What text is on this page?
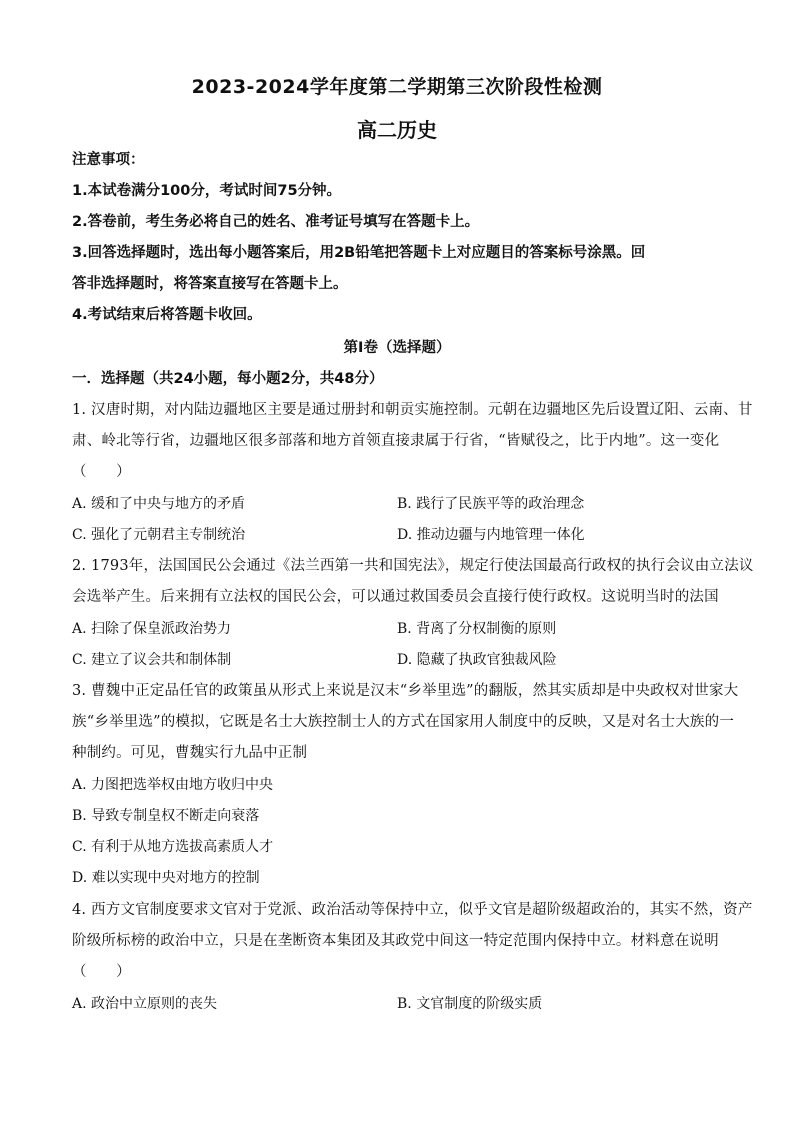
2023-2024学年度第二学期第三次阶段性检测
高二历史
注意事项：
1.本试卷满分100分，考试时间75分钟。
2.答卷前，考生务必将自己的姓名、准考证号填写在答题卡上。
3.回答选择题时，选出每小题答案后，用2B铅笔把答题卡上对应题目的答案标号涂黑。回
答非选择题时，将答案直接写在答题卡上。
4.考试结束后将答题卡收回。
第Ⅰ卷（选择题）
一．选择题（共24小题，每小题2分，共48分）
1. 汉唐时期，对内陆边疆地区主要是通过册封和朝贡实施控制。元朝在边疆地区先后设置辽阳、云南、甘
肃、岭北等行省，边疆地区很多部落和地方首领直接隶属于行省，“皆赋役之，比于内地”。这一变化
（　　）
A. 缓和了中央与地方的矛盾	B. 践行了民族平等的政治理念
C. 强化了元朝君主专制统治	D. 推动边疆与内地管理一体化
2. 1793年，法国国民公会通过《法兰西第一共和国宪法》，规定行使法国最高行政权的执行会议由立法议
会选举产生。后来拥有立法权的国民公会，可以通过救国委员会直接行使行政权。这说明当时的法国
A. 扫除了保皇派政治势力	B. 背离了分权制衡的原则
C. 建立了议会共和制体制	D. 隐藏了执政官独裁风险
3. 曹魏中正定品任官的政策虽从形式上来说是汉末“乡举里选”的翻版，然其实质却是中央政权对世家大
族“乡举里选”的模拟，它既是名士大族控制士人的方式在国家用人制度中的反映，又是对名士大族的一
种制约。可见，曹魏实行九品中正制
A. 力图把选举权由地方收归中央
B. 导致专制皇权不断走向衰落
C. 有利于从地方选拔高素质人才
D. 难以实现中央对地方的控制
4. 西方文官制度要求文官对于党派、政治活动等保持中立，似乎文官是超阶级超政治的，其实不然，资产
阶级所标榜的政治中立，只是在垄断资本集团及其政党中间这一特定范围内保持中立。材料意在说明
（　　）
A. 政治中立原则的丧失	B. 文官制度的阶级实质
